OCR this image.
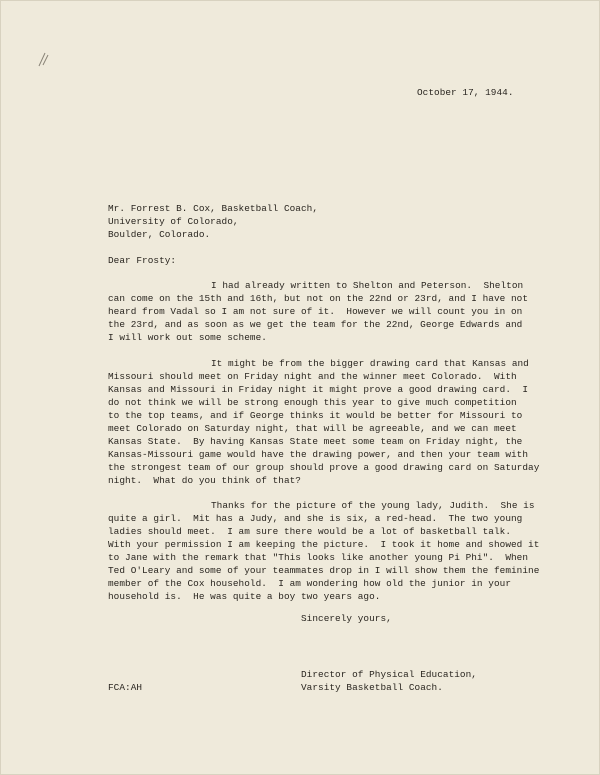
October 17, 1944.
Mr. Forrest B. Cox, Basketball Coach,
University of Colorado,
Boulder, Colorado.
Dear Frosty:
I had already written to Shelton and Peterson.  Shelton
can come on the 15th and 16th, but not on the 22nd or 23rd, and I have not
heard from Vadal so I am not sure of it.  However we will count you in on
the 23rd, and as soon as we get the team for the 22nd, George Edwards and
I will work out some scheme.
It might be from the bigger drawing card that Kansas and
Missouri should meet on Friday night and the winner meet Colorado.  With
Kansas and Missouri in Friday night it might prove a good drawing card.  I
do not think we will be strong enough this year to give much competition
to the top teams, and if George thinks it would be better for Missouri to
meet Colorado on Saturday night, that will be agreeable, and we can meet
Kansas State.  By having Kansas State meet some team on Friday night, the
Kansas-Missouri game would have the drawing power, and then your team with
the strongest team of our group should prove a good drawing card on Saturday
night.  What do you think of that?
Thanks for the picture of the young lady, Judith.  She is
quite a girl.  Mit has a Judy, and she is six, a red-head.  The two young
ladies should meet.  I am sure there would be a lot of basketball talk.
With your permission I am keeping the picture.  I took it home and showed it
to Jane with the remark that "This looks like another young Pi Phi".  When
Ted O'Leary and some of your teammates drop in I will show them the feminine
member of the Cox household.  I am wondering how old the junior in your
household is.  He was quite a boy two years ago.
Sincerely yours,
Director of Physical Education,
Varsity Basketball Coach.
FCA:AH
